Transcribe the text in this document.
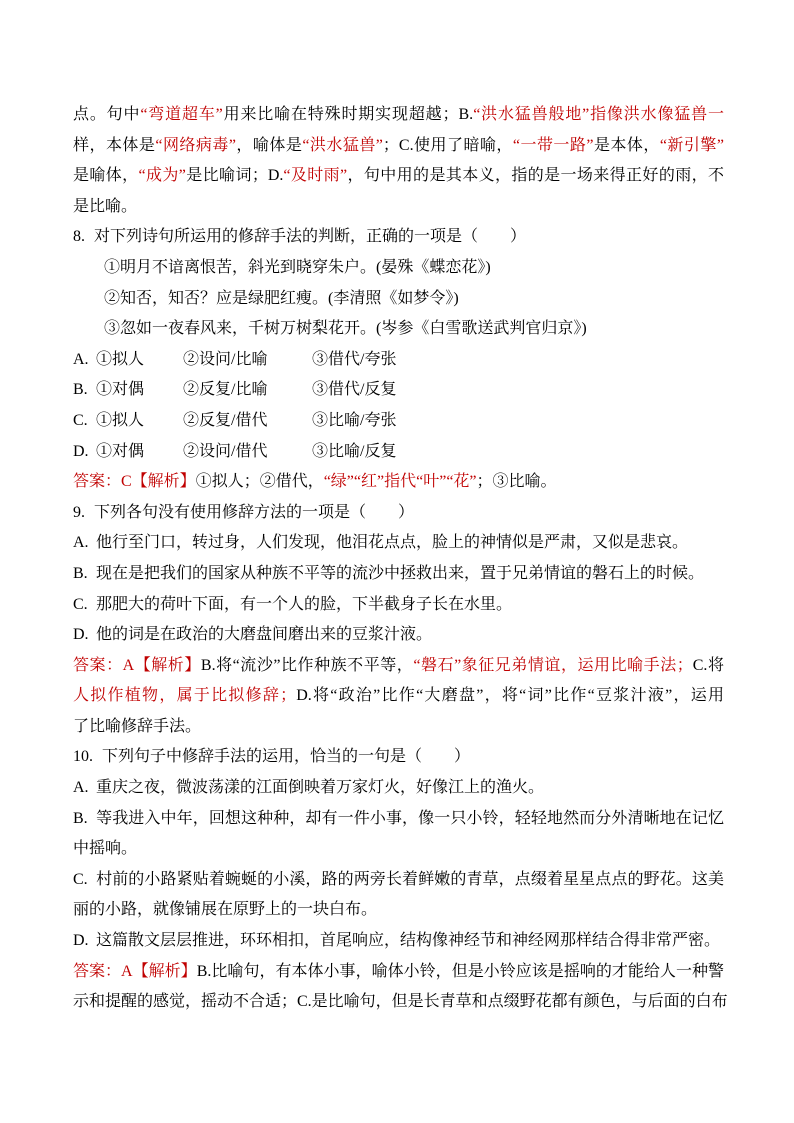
点。句中“弯道超车”用来比喻在特殊时期实现超越；B.“洪水猛兽般地”指像洪水像猛兽一
样，本体是“网络病毒”，喻体是“洪水猛兽”；C.使用了暗喻，“一带一路”是本体，“新引擎”
是喻体，“成为”是比喻词；D.“及时雨”，句中用的是其本义，指的是一场来得正好的雨，不
是比喻。
8. 对下列诗句所运用的修辞手法的判断，正确的一项是（　　）
①明月不谙离恨苦，斜光到晓穿朱户。(晏殊《蝶恋花》)
②知否，知否？应是绿肥红瘦。(李清照《如梦令》)
③忽如一夜春风来，千树万树梨花开。(岑参《白雪歌送武判官归京》)
A. ①拟人	②设问/比喻	③借代/夸张
B. ①对偶	②反复/比喻	③借代/反复
C. ①拟人	②反复/借代	③比喻/夸张
D. ①对偶	②设问/借代	③比喻/反复
答案：C【解析】①拟人；②借代，“绿”“红”指代“叶”“花”；③比喻。
9. 下列各句没有使用修辞方法的一项是（　　）
A. 他行至门口，转过身，人们发现，他泪花点点，脸上的神情似是严肃，又似是悲哀。
B. 现在是把我们的国家从种族不平等的流沙中拯救出来，置于兄弟情谊的磐石上的时候。
C. 那肥大的荷叶下面，有一个人的脸，下半截身子长在水里。
D. 他的词是在政治的大磨盘间磨出来的豆浆汁液。
答案：A【解析】B.将“流沙”比作种族不平等，“磐石”象征兄弟情谊，运用比喻手法；C.将
人拟作植物，属于比拟修辞；D.将“政治”比作“大磨盘”，将“词”比作“豆浆汁液”，运用
了比喻修辞手法。
10. 下列句子中修辞手法的运用，恰当的一句是（　　）
A. 重庆之夜，微波荡漾的江面倒映着万家灯火，好像江上的渔火。
B. 等我进入中年，回想这种种，却有一件小事，像一只小铃，轻轻地然而分外清晰地在记忆
中摇响。
C. 村前的小路紧贴着蜿蜒的小溪，路的两旁长着鲜嫩的青草，点缀着星星点点的野花。这美
丽的小路，就像铺展在原野上的一块白布。
D. 这篇散文层层推进，环环相扣，首尾响应，结构像神经节和神经网那样结合得非常严密。
答案：A【解析】B.比喻句，有本体小事，喻体小铃，但是小铃应该是摇响的才能给人一种警
示和提醒的感觉，摇动不合适；C.是比喻句，但是长青草和点缀野花都有颜色，与后面的白布
